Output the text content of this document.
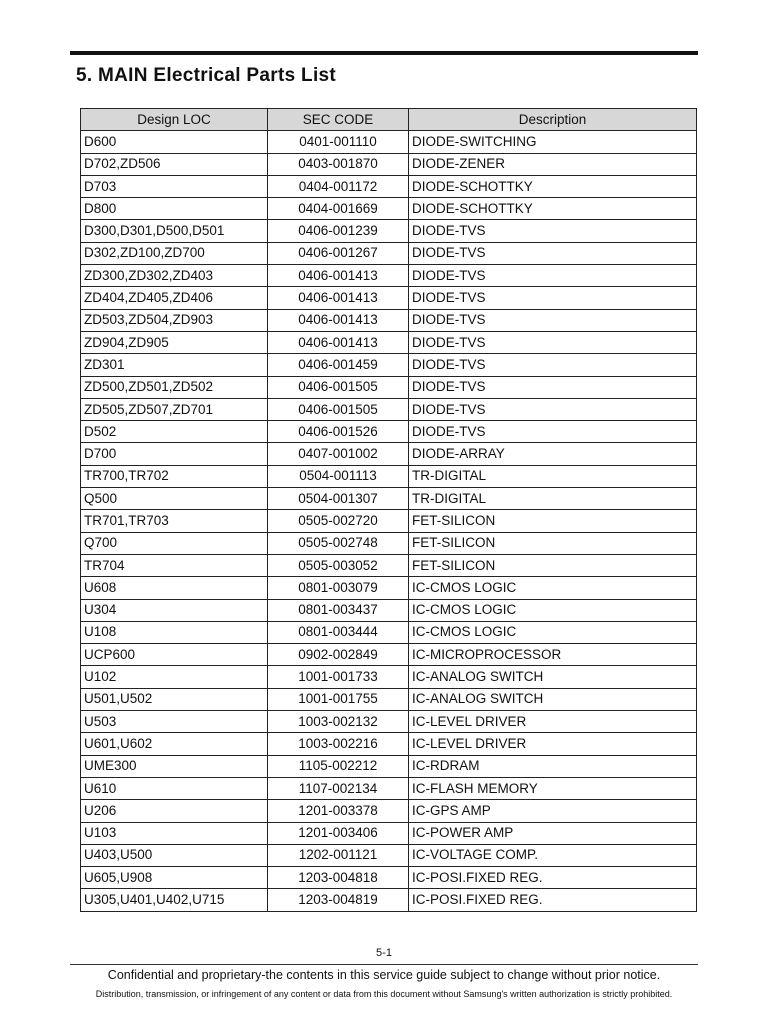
5. MAIN Electrical Parts List
Design LOC	SEC CODE	Description
D600	0401-001110	DIODE-SWITCHING
D702,ZD506	0403-001870	DIODE-ZENER
D703	0404-001172	DIODE-SCHOTTKY
D800	0404-001669	DIODE-SCHOTTKY
D300,D301,D500,D501	0406-001239	DIODE-TVS
D302,ZD100,ZD700	0406-001267	DIODE-TVS
ZD300,ZD302,ZD403	0406-001413	DIODE-TVS
ZD404,ZD405,ZD406	0406-001413	DIODE-TVS
ZD503,ZD504,ZD903	0406-001413	DIODE-TVS
ZD904,ZD905	0406-001413	DIODE-TVS
ZD301	0406-001459	DIODE-TVS
ZD500,ZD501,ZD502	0406-001505	DIODE-TVS
ZD505,ZD507,ZD701	0406-001505	DIODE-TVS
D502	0406-001526	DIODE-TVS
D700	0407-001002	DIODE-ARRAY
TR700,TR702	0504-001113	TR-DIGITAL
Q500	0504-001307	TR-DIGITAL
TR701,TR703	0505-002720	FET-SILICON
Q700	0505-002748	FET-SILICON
TR704	0505-003052	FET-SILICON
U608	0801-003079	IC-CMOS LOGIC
U304	0801-003437	IC-CMOS LOGIC
U108	0801-003444	IC-CMOS LOGIC
UCP600	0902-002849	IC-MICROPROCESSOR
U102	1001-001733	IC-ANALOG SWITCH
U501,U502	1001-001755	IC-ANALOG SWITCH
U503	1003-002132	IC-LEVEL DRIVER
U601,U602	1003-002216	IC-LEVEL DRIVER
UME300	1105-002212	IC-RDRAM
U610	1107-002134	IC-FLASH MEMORY
U206	1201-003378	IC-GPS AMP
U103	1201-003406	IC-POWER AMP
U403,U500	1202-001121	IC-VOLTAGE COMP.
U605,U908	1203-004818	IC-POSI.FIXED REG.
U305,U401,U402,U715	1203-004819	IC-POSI.FIXED REG.
5-1
Confidential and proprietary-the contents in this service guide subject to change without prior notice.
Distribution, transmission, or infringement of any content or data from this document without Samsung's written authorization is strictly prohibited.
